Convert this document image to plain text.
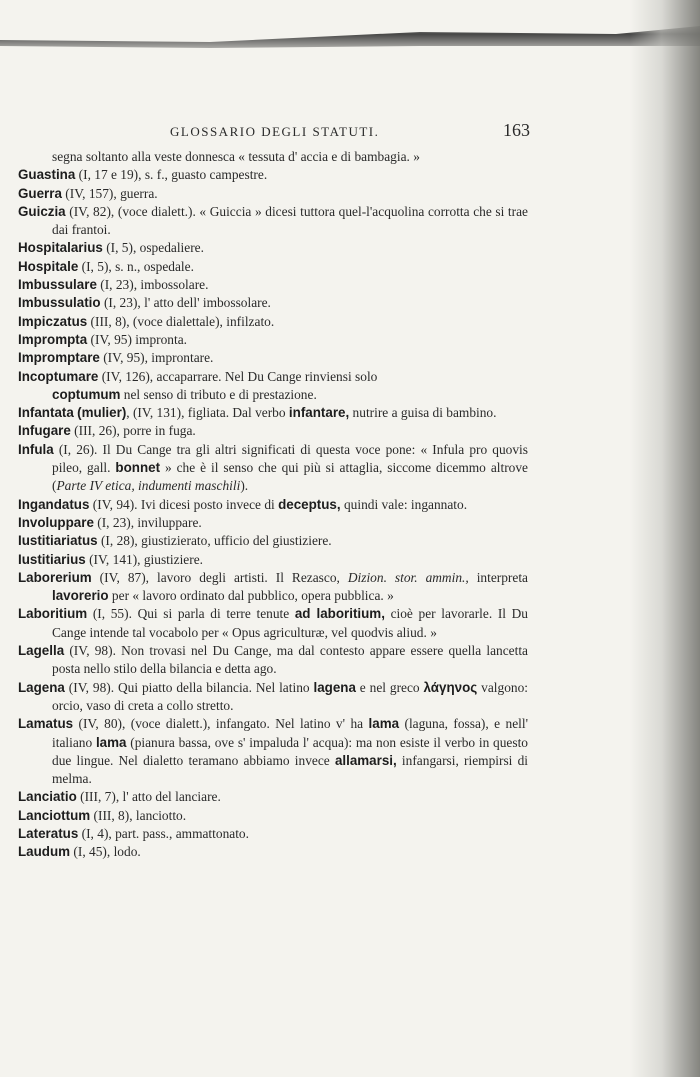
GLOSSARIO DEGLI STATUTI.	163

segna soltanto alla veste donnesca « tessuta d' accia e di bambagia. »

Guastina (I, 17 e 19), s. f., guasto campestre.

Guerra (IV, 157), guerra.

Guiczia (IV, 82), (voce dialett.). « Guiccia » dicesi tuttora quel-l'acquolina corrotta che si trae dai frantoi.

Hospitalarius (I, 5), ospedaliere.

Hospitale (I, 5), s. n., ospedale.

Imbussulare (I, 23), imbossolare.

Imbussulatio (I, 23), l' atto dell' imbossolare.

Impiczatus (III, 8), (voce dialettale), infilzato.

Imprompta (IV, 95) impronta.

Impromptare (IV, 95), improntare.

Incoptumare (IV, 126), accaparrare. Nel Du Cange rinviensi solo
coptumum nel senso di tributo e di prestazione.

Infantata (mulier), (IV, 131), figliata. Dal verbo infantare, nutrire a guisa di bambino.

Infugare (III, 26), porre in fuga.

Infula (I, 26). Il Du Cange tra gli altri significati di questa voce pone: « Infula pro quovis pileo, gall. bonnet » che è il senso che qui più si attaglia, siccome dicemmo altrove (Parte IV etica, indumenti maschili).

Ingandatus (IV, 94). Ivi dicesi posto invece di deceptus, quindi vale: ingannato.

Involuppare (I, 23), inviluppare.

Iustitiariatus (I, 28), giustizierato, ufficio del giustiziere.

Iustitiarius (IV, 141), giustiziere.

Laborerium (IV, 87), lavoro degli artisti. Il Rezasco, Dizion. stor. ammin., interpreta lavorerio per « lavoro ordinato dal pubblico, opera pubblica. »

Laboritium (I, 55). Qui si parla di terre tenute ad laboritium, cioè per lavorarle. Il Du Cange intende tal vocabolo per « Opus agriculturæ, vel quodvis aliud. »

Lagella (IV, 98). Non trovasi nel Du Cange, ma dal contesto appare essere quella lancetta posta nello stilo della bilancia e detta ago.

Lagena (IV, 98). Qui piatto della bilancia. Nel latino lagena e nel greco λάγηνος valgono: orcio, vaso di creta a collo stretto.

Lamatus (IV, 80), (voce dialett.), infangato. Nel latino v' ha lama (laguna, fossa), e nell' italiano lama (pianura bassa, ove s' impaluda l' acqua): ma non esiste il verbo in questo due lingue. Nel dialetto teramano abbiamo invece allamarsi, infangarsi, riempirsi di melma.

Lanciatio (III, 7), l' atto del lanciare.

Lanciottum (III, 8), lanciotto.

Lateratus (I, 4), part. pass., ammattonato.

Laudum (I, 45), lodo.
